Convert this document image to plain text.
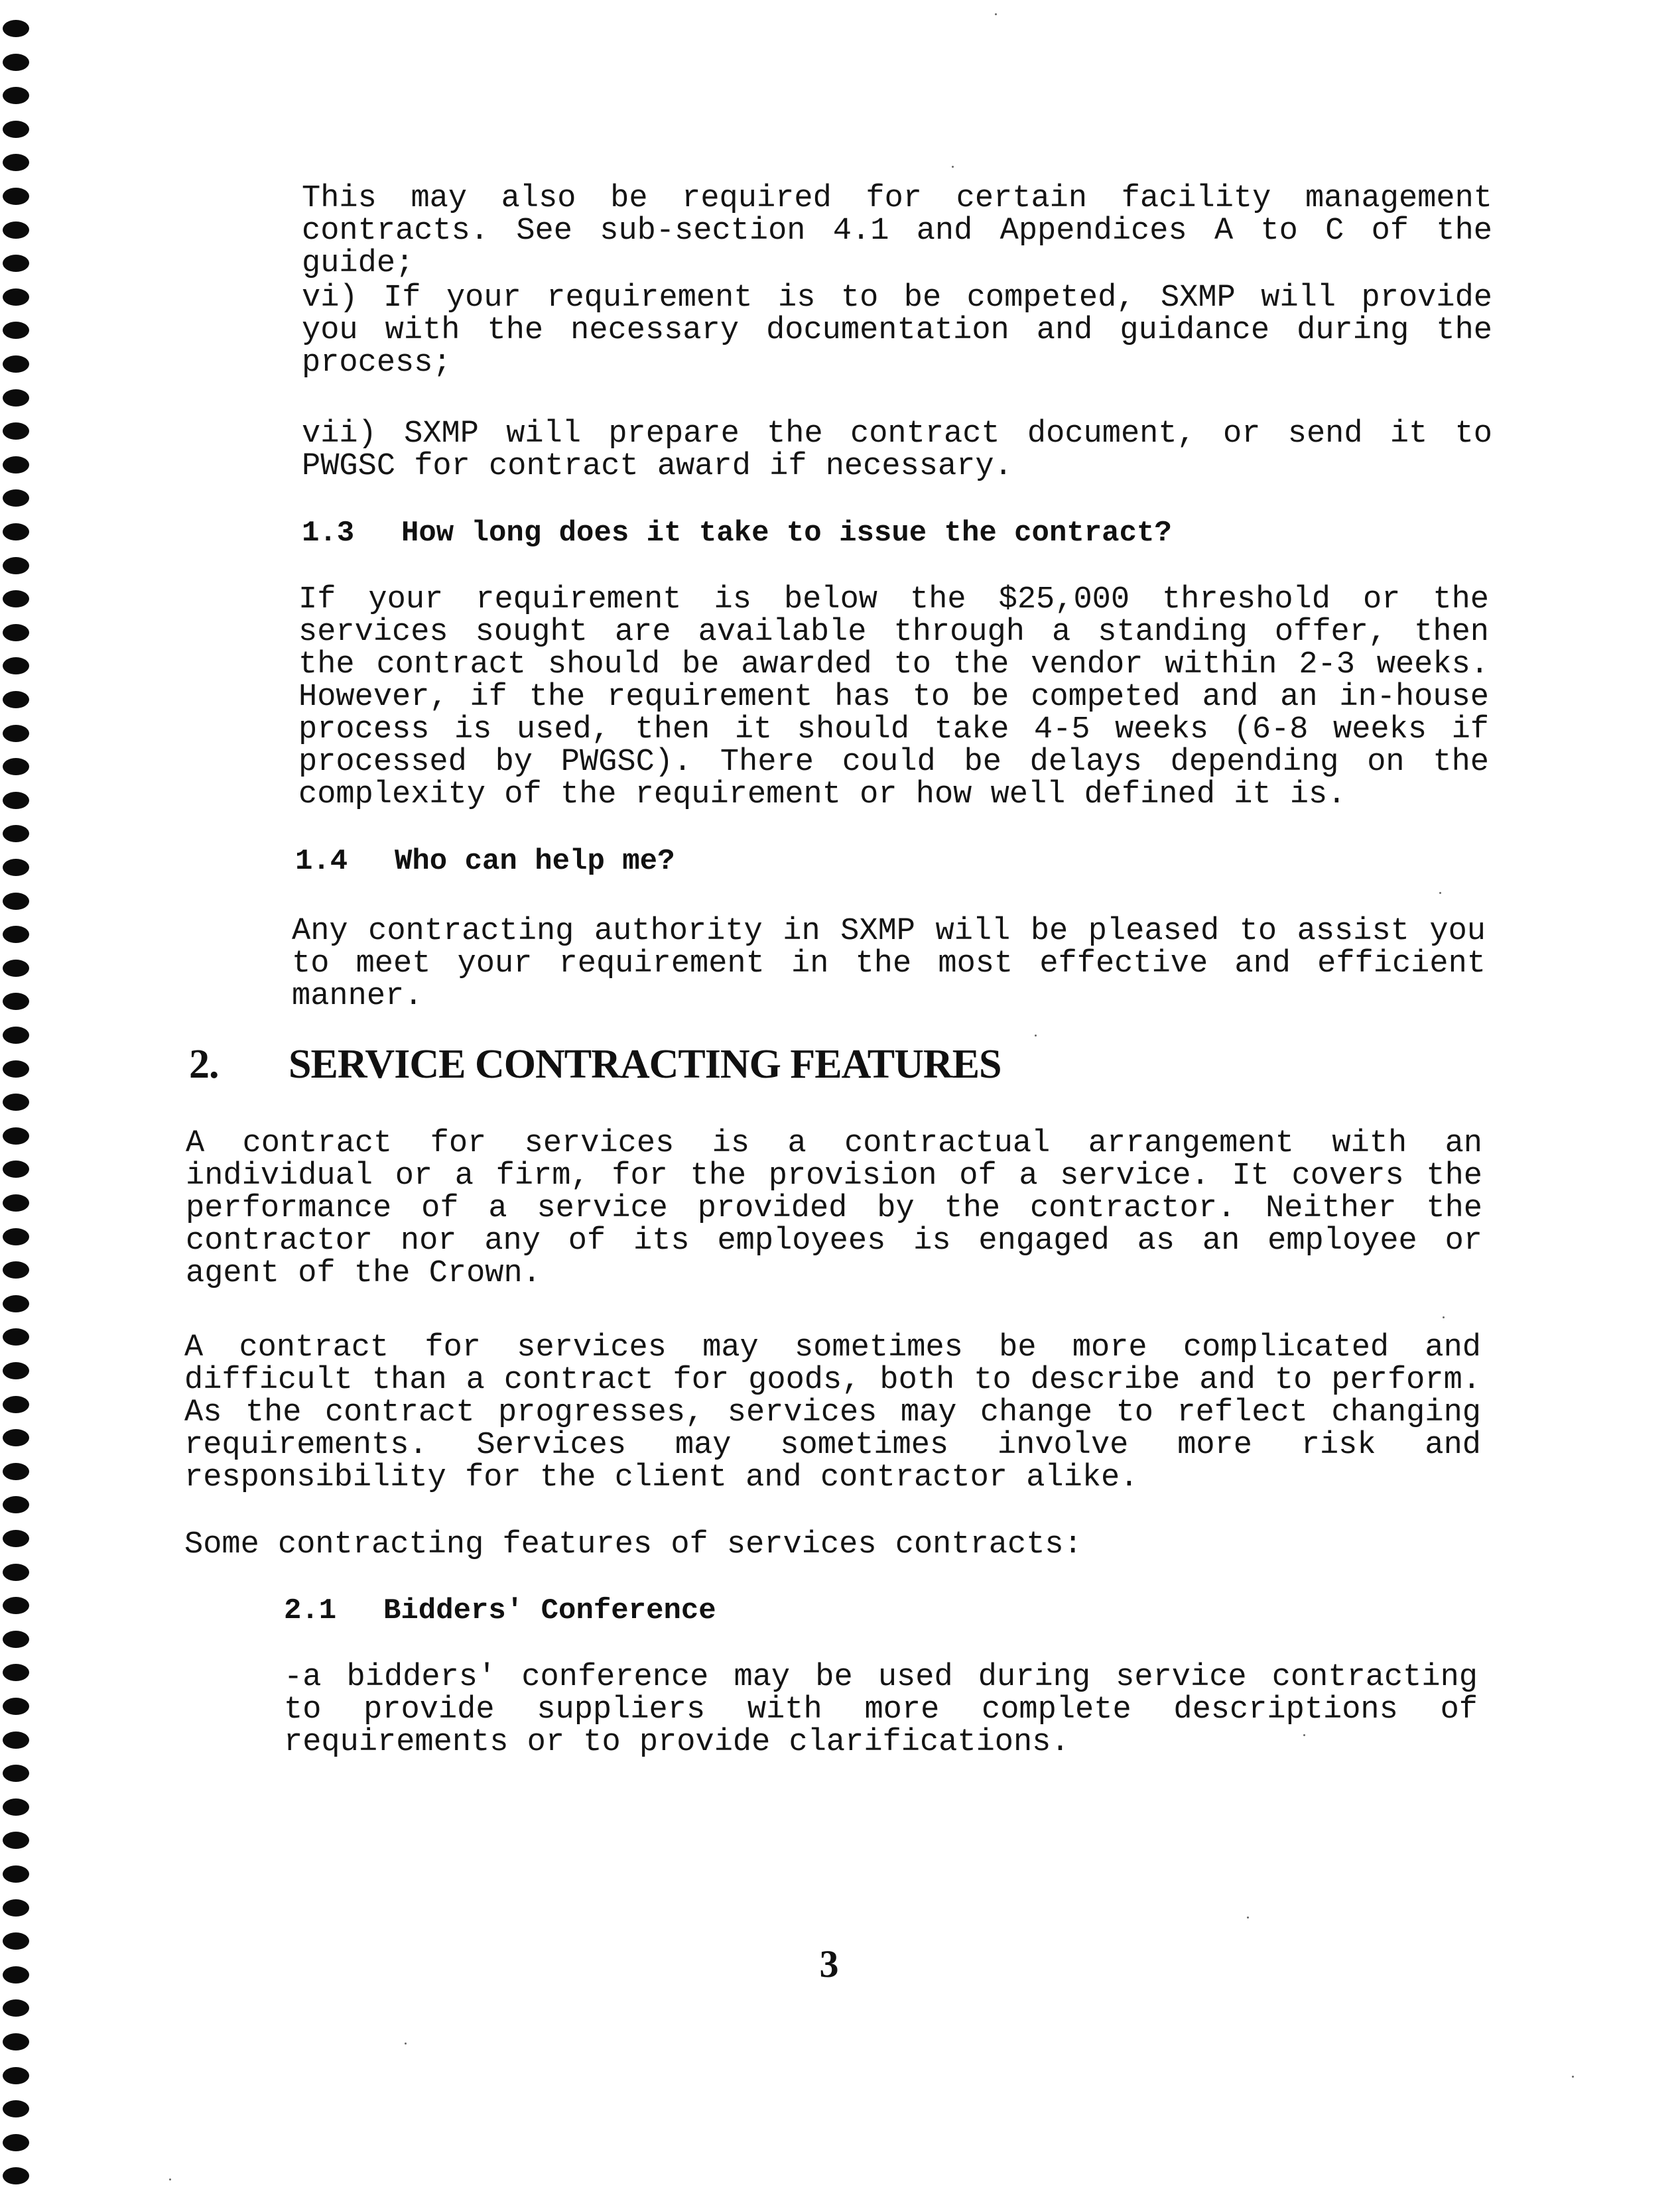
This may also be required for certain facility management contracts. See sub-section 4.1 and Appendices A to C of the guide;

vi) If your requirement is to be competed, SXMP will provide you with the necessary documentation and guidance during the process;

vii) SXMP will prepare the contract document, or send it to PWGSC for contract award if necessary.

1.3 How long does it take to issue the contract?

If your requirement is below the $25,000 threshold or the services sought are available through a standing offer, then the contract should be awarded to the vendor within 2-3 weeks. However, if the requirement has to be competed and an in-house process is used, then it should take 4-5 weeks (6-8 weeks if processed by PWGSC). There could be delays depending on the complexity of the requirement or how well defined it is.

1.4 Who can help me?

Any contracting authority in SXMP will be pleased to assist you to meet your requirement in the most effective and efficient manner.

2. SERVICE CONTRACTING FEATURES

A contract for services is a contractual arrangement with an individual or a firm, for the provision of a service. It covers the performance of a service provided by the contractor. Neither the contractor nor any of its employees is engaged as an employee or agent of the Crown.

A contract for services may sometimes be more complicated and difficult than a contract for goods, both to describe and to perform. As the contract progresses, services may change to reflect changing requirements. Services may sometimes involve more risk and responsibility for the client and contractor alike.

Some contracting features of services contracts:

2.1 Bidders' Conference

-a bidders' conference may be used during service contracting to provide suppliers with more complete descriptions of requirements or to provide clarifications.

3
